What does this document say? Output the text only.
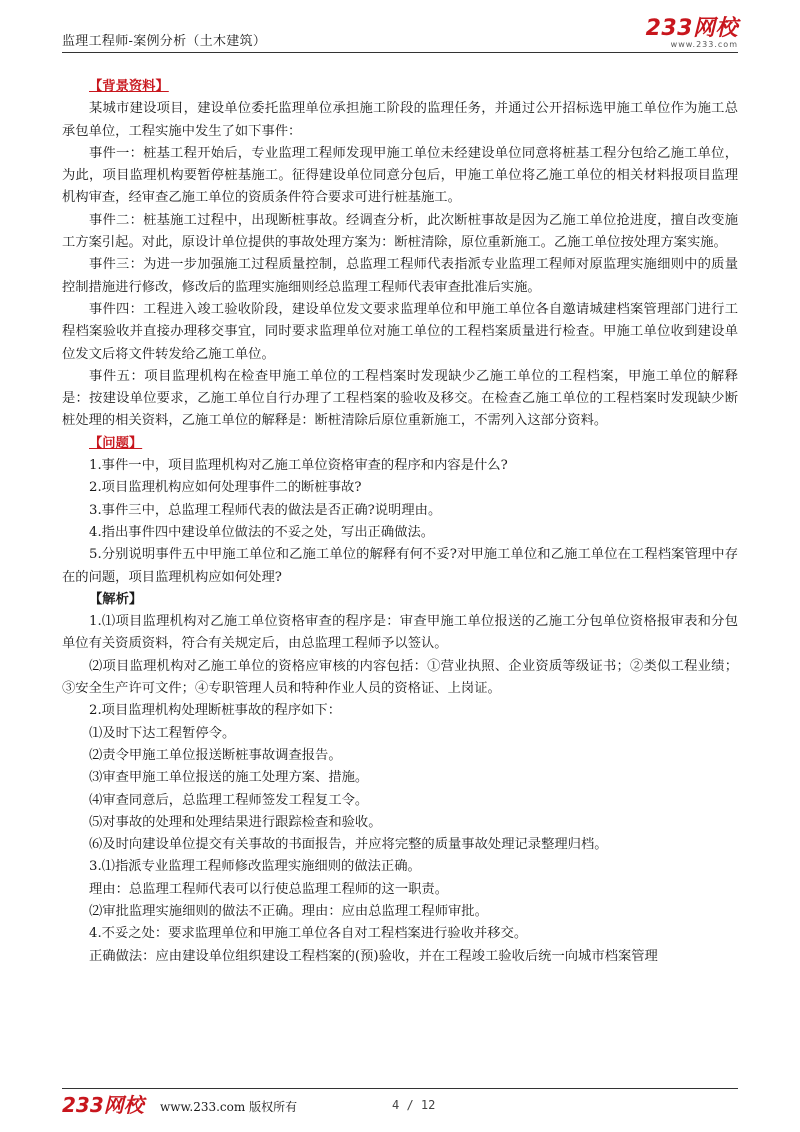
监理工程师-案例分析（土木建筑）
233网校
www.233.com

【背景资料】

某城市建设项目，建设单位委托监理单位承担施工阶段的监理任务，并通过公开招标选甲施工单位作为施工总承包单位，工程实施中发生了如下事件：

事件一：桩基工程开始后，专业监理工程师发现甲施工单位未经建设单位同意将桩基工程分包给乙施工单位，为此，项目监理机构要暂停桩基施工。征得建设单位同意分包后，甲施工单位将乙施工单位的相关材料报项目监理机构审查，经审查乙施工单位的资质条件符合要求可进行桩基施工。

事件二：桩基施工过程中，出现断桩事故。经调查分析，此次断桩事故是因为乙施工单位抢进度，擅自改变施工方案引起。对此，原设计单位提供的事故处理方案为：断桩清除，原位重新施工。乙施工单位按处理方案实施。

事件三：为进一步加强施工过程质量控制，总监理工程师代表指派专业监理工程师对原监理实施细则中的质量控制措施进行修改，修改后的监理实施细则经总监理工程师代表审查批准后实施。

事件四：工程进入竣工验收阶段，建设单位发文要求监理单位和甲施工单位各自邀请城建档案管理部门进行工程档案验收并直接办理移交事宜，同时要求监理单位对施工单位的工程档案质量进行检查。甲施工单位收到建设单位发文后将文件转发给乙施工单位。

事件五：项目监理机构在检查甲施工单位的工程档案时发现缺少乙施工单位的工程档案，甲施工单位的解释是：按建设单位要求，乙施工单位自行办理了工程档案的验收及移交。在检查乙施工单位的工程档案时发现缺少断桩处理的相关资料，乙施工单位的解释是：断桩清除后原位重新施工，不需列入这部分资料。

【问题】

1.事件一中，项目监理机构对乙施工单位资格审查的程序和内容是什么?

2.项目监理机构应如何处理事件二的断桩事故?

3.事件三中，总监理工程师代表的做法是否正确?说明理由。

4.指出事件四中建设单位做法的不妥之处，写出正确做法。

5.分别说明事件五中甲施工单位和乙施工单位的解释有何不妥?对甲施工单位和乙施工单位在工程档案管理中存在的问题，项目监理机构应如何处理?

【解析】

1.⑴项目监理机构对乙施工单位资格审查的程序是：审查甲施工单位报送的乙施工分包单位资格报审表和分包单位有关资质资料，符合有关规定后，由总监理工程师予以签认。

⑵项目监理机构对乙施工单位的资格应审核的内容包括：①营业执照、企业资质等级证书；②类似工程业绩；③安全生产许可文件；④专职管理人员和特种作业人员的资格证、上岗证。

2.项目监理机构处理断桩事故的程序如下：

⑴及时下达工程暂停令。

⑵责令甲施工单位报送断桩事故调查报告。

⑶审查甲施工单位报送的施工处理方案、措施。

⑷审查同意后，总监理工程师签发工程复工令。

⑸对事故的处理和处理结果进行跟踪检查和验收。

⑹及时向建设单位提交有关事故的书面报告，并应将完整的质量事故处理记录整理归档。

3.⑴指派专业监理工程师修改监理实施细则的做法正确。

理由：总监理工程师代表可以行使总监理工程师的这一职责。

⑵审批监理实施细则的做法不正确。理由：应由总监理工程师审批。

4.不妥之处：要求监理单位和甲施工单位各自对工程档案进行验收并移交。

正确做法：应由建设单位组织建设工程档案的(预)验收，并在工程竣工验收后统一向城市档案管理

233网校 www.233.com 版权所有	4 / 12
